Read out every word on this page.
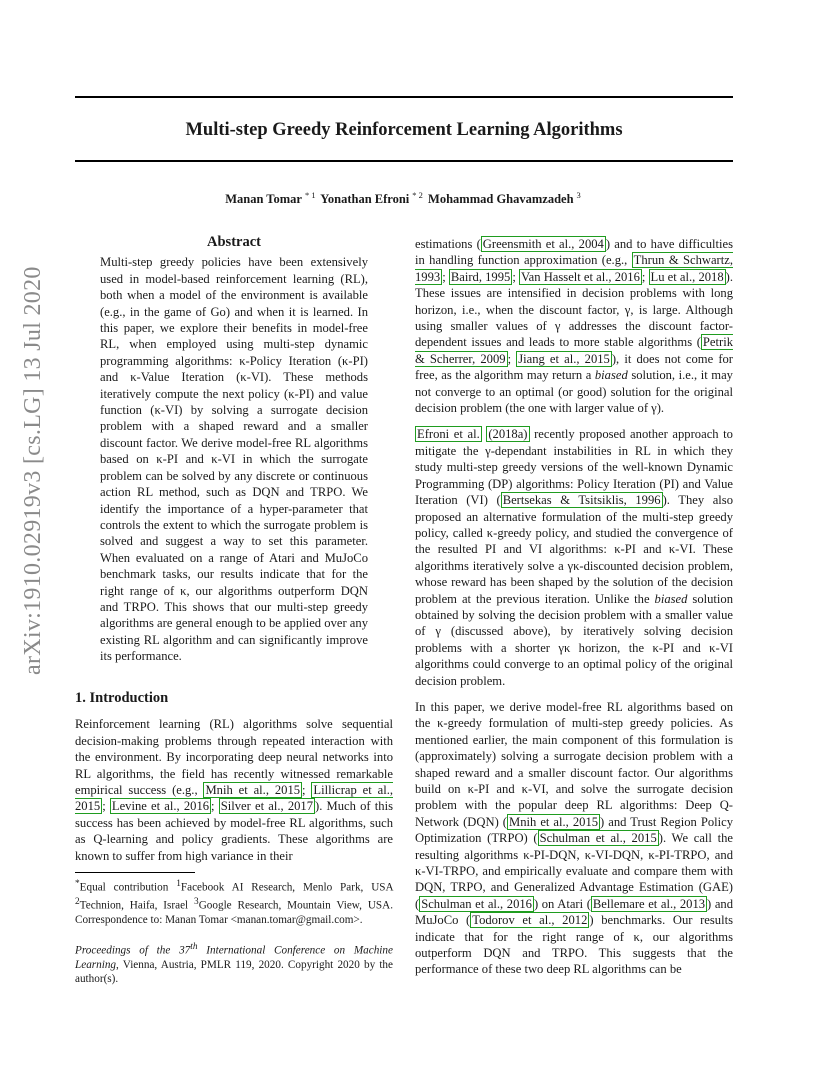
Multi-step Greedy Reinforcement Learning Algorithms
Manan Tomar $^{* 1}$ Yonathan Efroni $^{* 2}$ Mohammad Ghavamzadeh $^3$
arXiv:1910.02919v3 [cs.LG] 13 Jul 2020
Abstract

Multi-step greedy policies have been extensively used in model-based reinforcement learning (RL), both when a model of the environment is available (e.g., in the game of Go) and when it is learned. In this paper, we explore their benefits in model-free RL, when employed using multi-step dynamic programming algorithms: κ-Policy Iteration (κ-PI) and κ-Value Iteration (κ-VI). These methods iteratively compute the next policy (κ-PI) and value function (κ-VI) by solving a surrogate decision problem with a shaped reward and a smaller discount factor. We derive model-free RL algorithms based on κ-PI and κ-VI in which the surrogate problem can be solved by any discrete or continuous action RL method, such as DQN and TRPO. We identify the importance of a hyper-parameter that controls the extent to which the surrogate problem is solved and suggest a way to set this parameter. When evaluated on a range of Atari and MuJoCo benchmark tasks, our results indicate that for the right range of κ, our algorithms outperform DQN and TRPO. This shows that our multi-step greedy algorithms are general enough to be applied over any existing RL algorithm and can significantly improve its performance.

1. Introduction

Reinforcement learning (RL) algorithms solve sequential decision-making problems through repeated interaction with the environment. By incorporating deep neural networks into RL algorithms, the field has recently witnessed remarkable empirical success (e.g., Mnih et al., 2015 ; Lillicrap et al., 2015 ; Levine et al., 2016 ; Silver et al., 2017 ). Much of this success has been achieved by model-free RL algorithms, such as Q-learning and policy gradients. These algorithms are known to suffer from high variance in their

*Equal contribution $^1$Facebook AI Research, Menlo Park, USA $^2$Technion, Haifa, Israel $^3$Google Research, Mountain View, USA. Correspondence to: Manan Tomar <manan.tomar@gmail.com>.

Proceedings of the 37th International Conference on Machine Learning, Vienna, Austria, PMLR 119, 2020. Copyright 2020 by the author(s).

estimations ( Greensmith et al., 2004 ) and to have difficulties in handling function approximation (e.g., Thrun & Schwartz, 1993 ; Baird, 1995 ; Van Hasselt et al., 2016 ; Lu et al., 2018 ). These issues are intensified in decision problems with long horizon, i.e., when the discount factor, γ, is large. Although using smaller values of γ addresses the discount factor-dependent issues and leads to more stable algorithms ( Petrik & Scherrer, 2009 ; Jiang et al., 2015 ), it does not come for free, as the algorithm may return a biased solution, i.e., it may not converge to an optimal (or good) solution for the original decision problem (the one with larger value of γ).

Efroni et al. (2018a) recently proposed another approach to mitigate the γ-dependant instabilities in RL in which they study multi-step greedy versions of the well-known Dynamic Programming (DP) algorithms: Policy Iteration (PI) and Value Iteration (VI) ( Bertsekas & Tsitsiklis, 1996 ). They also proposed an alternative formulation of the multi-step greedy policy, called κ-greedy policy, and studied the convergence of the resulted PI and VI algorithms: κ-PI and κ-VI. These algorithms iteratively solve a γκ-discounted decision problem, whose reward has been shaped by the solution of the decision problem at the previous iteration. Unlike the biased solution obtained by solving the decision problem with a smaller value of γ (discussed above), by iteratively solving decision problems with a shorter γκ horizon, the κ-PI and κ-VI algorithms could converge to an optimal policy of the original decision problem.

In this paper, we derive model-free RL algorithms based on the κ-greedy formulation of multi-step greedy policies. As mentioned earlier, the main component of this formulation is (approximately) solving a surrogate decision problem with a shaped reward and a smaller discount factor. Our algorithms build on κ-PI and κ-VI, and solve the surrogate decision problem with the popular deep RL algorithms: Deep Q-Network (DQN) ( Mnih et al., 2015 ) and Trust Region Policy Optimization (TRPO) ( Schulman et al., 2015 ). We call the resulting algorithms κ-PI-DQN, κ-VI-DQN, κ-PI-TRPO, and κ-VI-TRPO, and empirically evaluate and compare them with DQN, TRPO, and Generalized Advantage Estimation (GAE) ( Schulman et al., 2016 ) on Atari ( Bellemare et al., 2013 ) and MuJoCo ( Todorov et al., 2012 ) benchmarks. Our results indicate that for the right range of κ, our algorithms outperform DQN and TRPO. This suggests that the performance of these two deep RL algorithms can be
